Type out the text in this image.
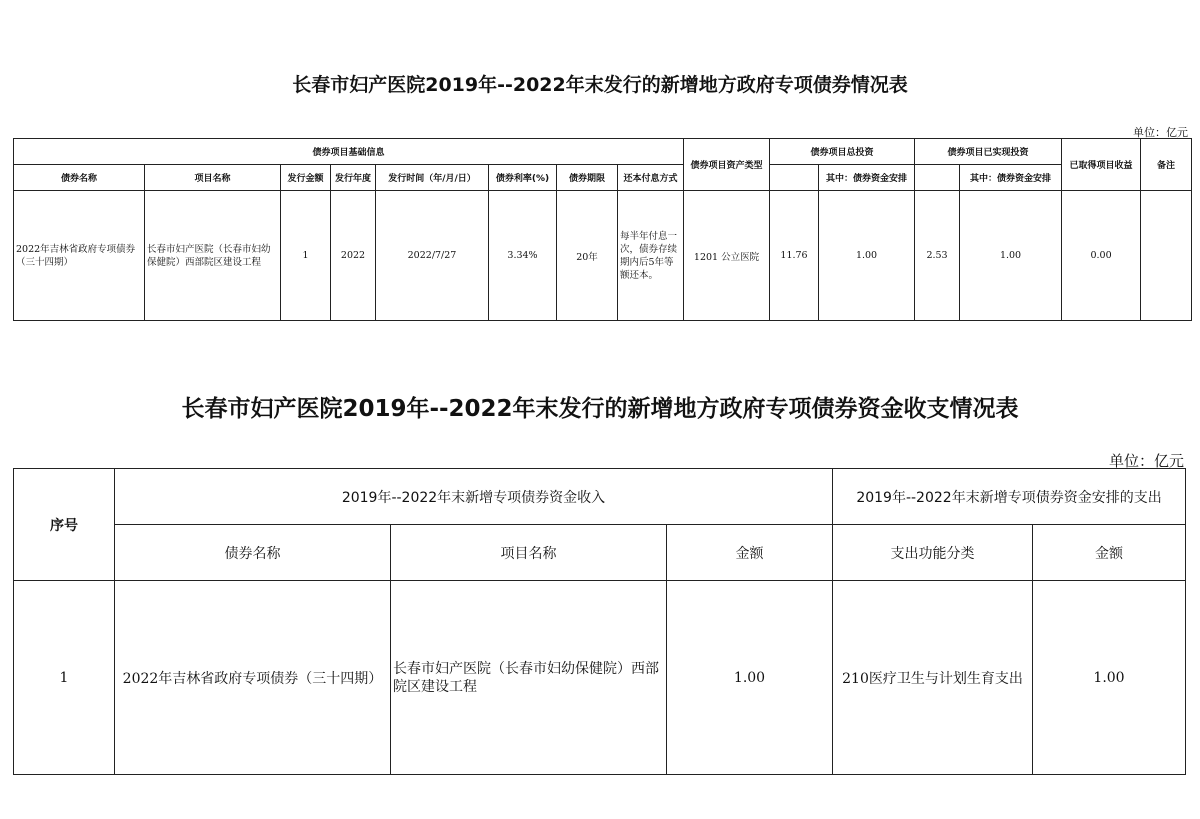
长春市妇产医院2019年--2022年末发行的新增地方政府专项债券情况表
单位：亿元
债券项目基础信息								债券项目资产类型	债券项目总投资		债券项目已实现投资		已取得项目收益	备注
债券名称	项目名称	发行金额	发行年度	发行时间（年/月/日）	债券利率(%)	债券期限	还本付息方式			其中：债券资金安排		其中：债券资金安排		
2022年吉林省政府专项债券（三十四期）	长春市妇产医院（长春市妇幼保健院）西部院区建设工程	1	2022	2022/7/27	3.34%	20年	每半年付息一次，债券存续期内后5年等额还本。	1201 公立医院	11.76	1.00	2.53	1.00	0.00	
长春市妇产医院2019年--2022年末发行的新增地方政府专项债券资金收支情况表
单位：亿元
序号	2019年--2022年末新增专项债券资金收入			2019年--2022年末新增专项债券资金安排的支出	
	债券名称	项目名称	金额	支出功能分类	金额
1	2022年吉林省政府专项债券（三十四期）	长春市妇产医院（长春市妇幼保健院）西部院区建设工程	1.00	210医疗卫生与计划生育支出	1.00
